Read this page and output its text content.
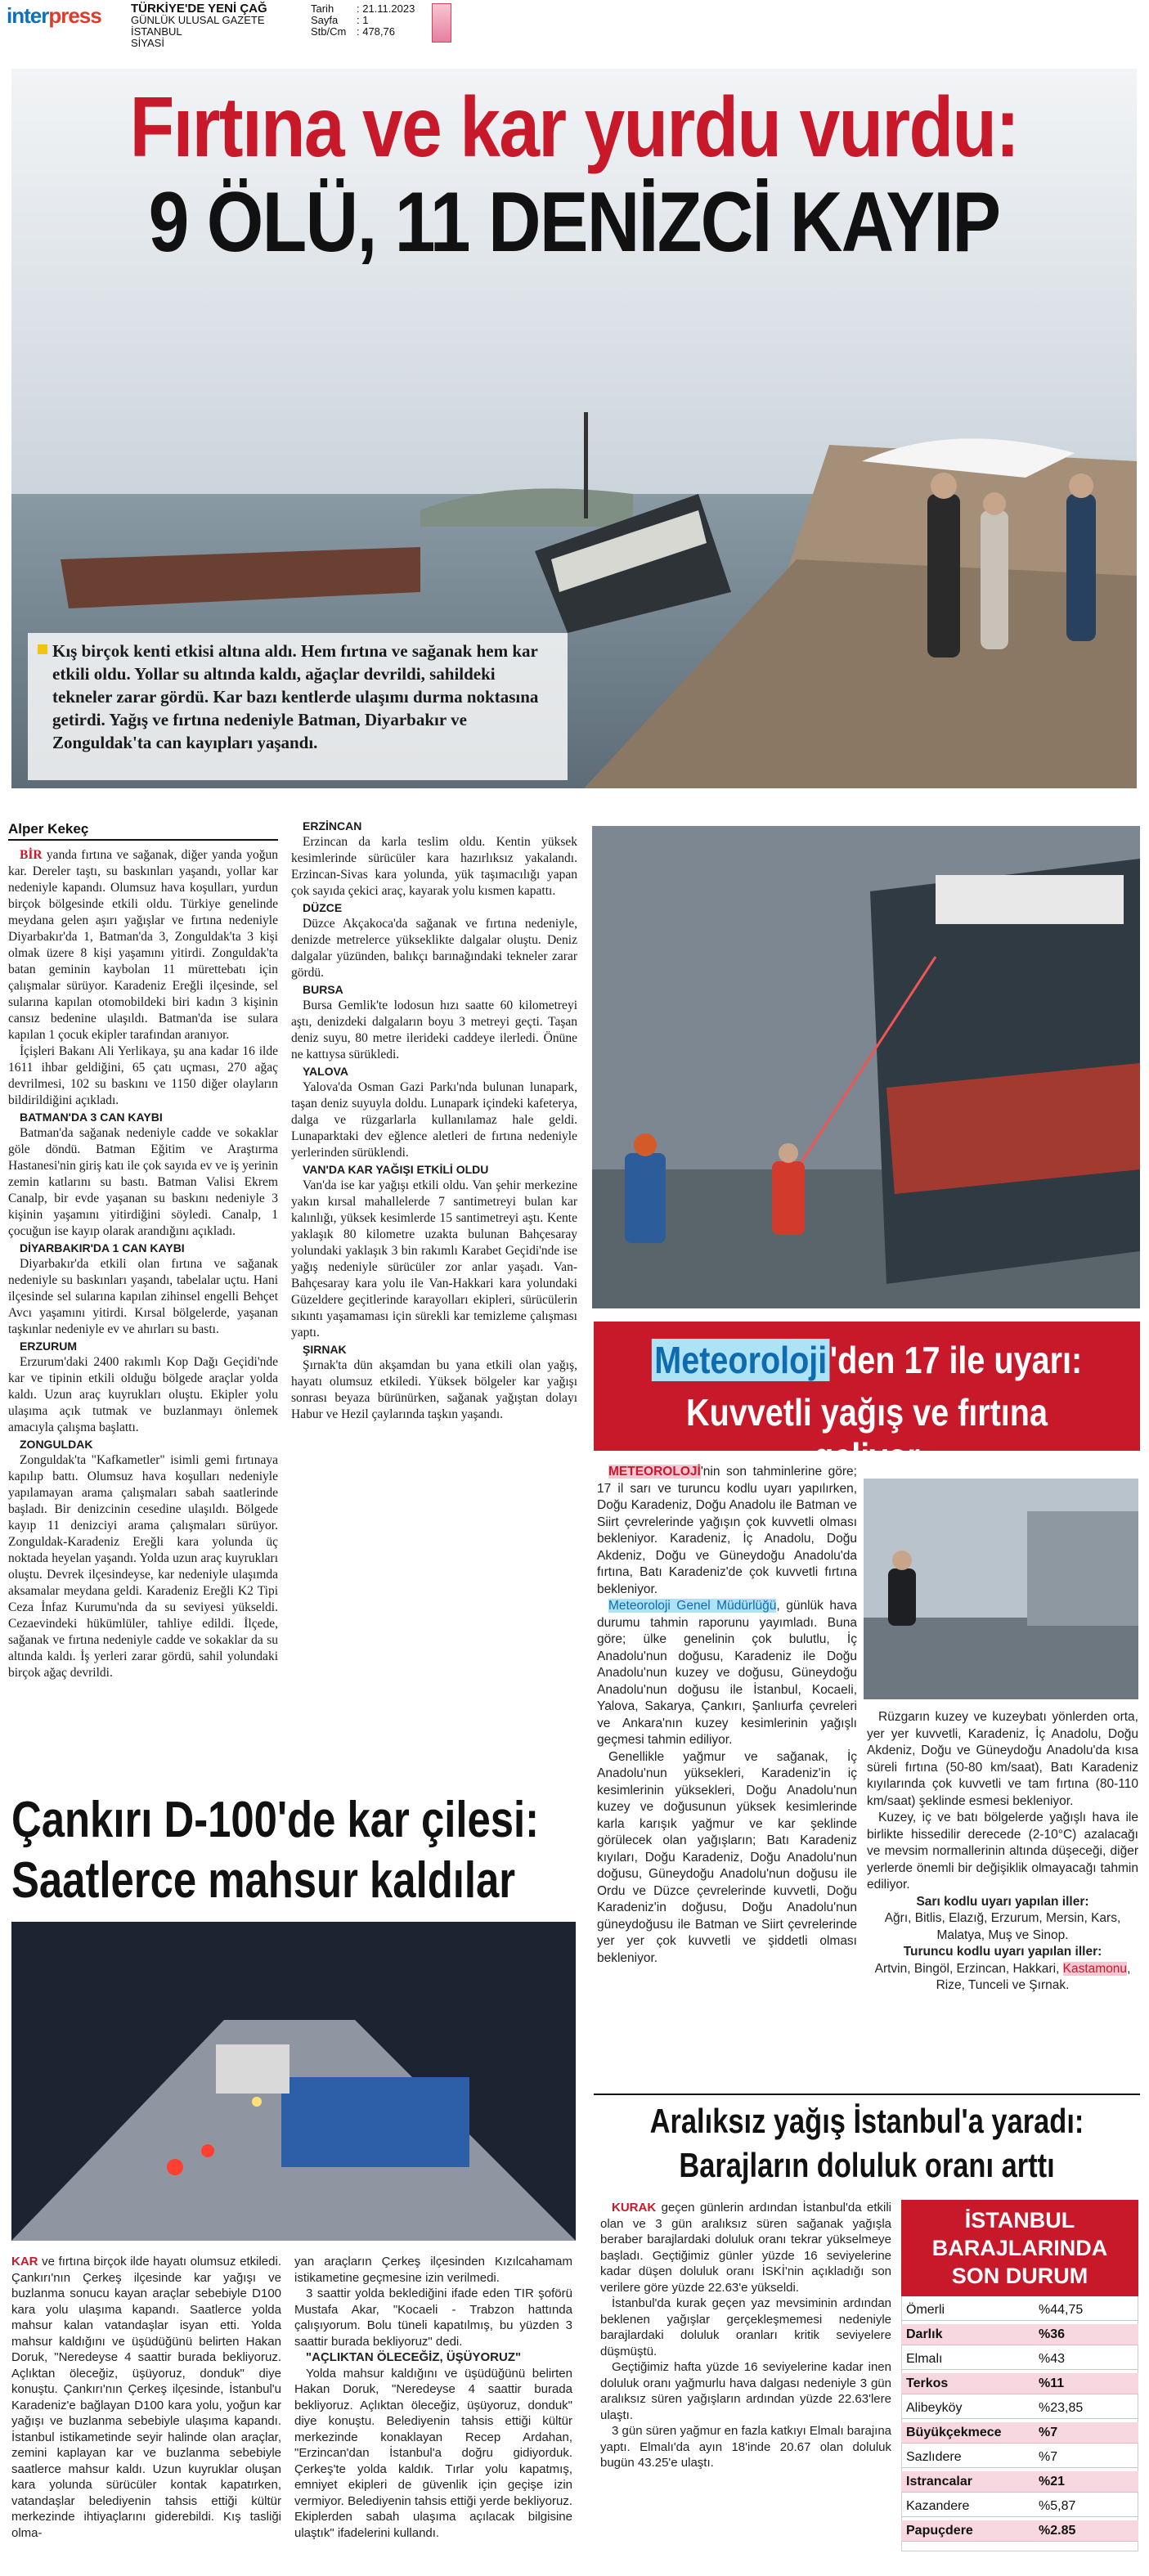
interpress TÜRKİYE'DE YENİ ÇAĞ
GÜNLÜK ULUSAL GAZETE
İSTANBUL
SİYASİ
Tarih : 21.11.2023
Sayfa : 1
Stb/Cm : 478,76
Fırtına ve kar yurdu vurdu:
9 ÖLÜ, 11 DENİZCİ KAYIP
Kış birçok kenti etkisi altına aldı. Hem fırtına ve sağanak hem kar etkili oldu. Yollar su altında kaldı, ağaçlar devrildi, sahildeki tekneler zarar gördü. Kar bazı kentlerde ulaşımı durma noktasına getirdi. Yağış ve fırtına nedeniyle Batman, Diyarbakır ve Zonguldak'ta can kayıpları yaşandı.
Alper Kekeç

BİR yanda fırtına ve sağanak, diğer yanda yoğun kar. Dereler taştı, su baskınları yaşandı, yollar kar nedeniyle kapandı. Olumsuz hava koşulları, yurdun birçok bölgesinde etkili oldu. Türkiye genelinde meydana gelen aşırı yağışlar ve fırtına nedeniyle Diyarbakır'da 1, Batman'da 3, Zonguldak'ta 3 kişi olmak üzere 8 kişi yaşamını yitirdi. Zonguldak'ta batan geminin kaybolan 11 mürettebatı için çalışmalar sürüyor. Karadeniz Ereğli ilçesinde, sel sularına kapılan otomobildeki biri kadın 3 kişinin cansız bedenine ulaşıldı. Batman'da ise sulara kapılan 1 çocuk ekipler tarafından aranıyor.

İçişleri Bakanı Ali Yerlikaya, şu ana kadar 16 ilde 1611 ihbar geldiğini, 65 çatı uçması, 270 ağaç devrilmesi, 102 su baskını ve 1150 diğer olayların bildirildiğini açıkladı.

BATMAN'DA 3 CAN KAYBI

Batman'da sağanak nedeniyle cadde ve sokaklar göle döndü. Batman Eğitim ve Araştırma Hastanesi'nin giriş katı ile çok sayıda ev ve iş yerinin zemin katlarını su bastı. Batman Valisi Ekrem Canalp, bir evde yaşanan su baskını nedeniyle 3 kişinin yaşamını yitirdiğini söyledi. Canalp, 1 çocuğun ise kayıp olarak arandığını açıkladı.

DİYARBAKIR'DA 1 CAN KAYBI

Diyarbakır'da etkili olan fırtına ve sağanak nedeniyle su baskınları yaşandı, tabelalar uçtu. Hani ilçesinde sel sularına kapılan zihinsel engelli Behçet Avcı yaşamını yitirdi. Kırsal bölgelerde, yaşanan taşkınlar nedeniyle ev ve ahırları su bastı.

ERZURUM

Erzurum'daki 2400 rakımlı Kop Dağı Geçidi'nde kar ve tipinin etkili olduğu bölgede araçlar yolda kaldı. Uzun araç kuyrukları oluştu. Ekipler yolu ulaşıma açık tutmak ve buzlanmayı önlemek amacıyla çalışma başlattı.

ZONGULDAK

Zonguldak'ta "Kafkametler" isimli gemi fırtınaya kapılıp battı. Olumsuz hava koşulları nedeniyle yapılamayan arama çalışmaları sabah saatlerinde başladı. Bir denizcinin cesedine ulaşıldı. Bölgede kayıp 11 denizciyi arama çalışmaları sürüyor. Zonguldak-Karadeniz Ereğli kara yolunda üç noktada heyelan yaşandı. Yolda uzun araç kuyrukları oluştu. Devrek ilçesindeyse, kar nedeniyle ulaşımda aksamalar meydana geldi. Karadeniz Ereğli K2 Tipi Ceza İnfaz Kurumu'nda da su seviyesi yükseldi. Cezaevindeki hükümlüler, tahliye edildi. İlçede, sağanak ve fırtına nedeniyle cadde ve sokaklar da su altında kaldı. İş yerleri zarar gördü, sahil yolundaki birçok ağaç devrildi.

ERZİNCAN

Erzincan da karla teslim oldu. Kentin yüksek kesimlerinde sürücüler kara hazırlıksız yakalandı. Erzincan-Sivas kara yolunda, yük taşımacılığı yapan çok sayıda çekici araç, kayarak yolu kısmen kapattı.

DÜZCE

Düzce Akçakoca'da sağanak ve fırtına nedeniyle, denizde metrelerce yükseklikte dalgalar oluştu. Deniz dalgalar yüzünden, balıkçı barınağındaki tekneler zarar gördü.

BURSA

Bursa Gemlik'te lodosun hızı saatte 60 kilometreyi aştı, denizdeki dalgaların boyu 3 metreyi geçti. Taşan deniz suyu, 80 metre ilerideki caddeye ilerledi. Önüne ne kattıysa sürükledi.

YALOVA

Yalova'da Osman Gazi Parkı'nda bulunan lunapark, taşan deniz suyuyla doldu. Lunapark içindeki kafeterya, dalga ve rüzgarlarla kullanılamaz hale geldi. Lunaparktaki dev eğlence aletleri de fırtına nedeniyle yerlerinden sürüklendi.

VAN'DA KAR YAĞIŞI ETKİLİ OLDU

Van'da ise kar yağışı etkili oldu. Van şehir merkezine yakın kırsal mahallelerde 7 santimetreyi bulan kar kalınlığı, yüksek kesimlerde 15 santimetreyi aştı. Kente yaklaşık 80 kilometre uzakta bulunan Bahçesaray yolundaki yaklaşık 3 bin rakımlı Karabet Geçidi'nde ise yağış nedeniyle sürücüler zor anlar yaşadı. Van-Bahçesaray kara yolu ile Van-Hakkari kara yolundaki Güzeldere geçitlerinde karayolları ekipleri, sürücülerin sıkıntı yaşamaması için sürekli kar temizleme çalışması yaptı.

ŞIRNAK

Şırnak'ta dün akşamdan bu yana etkili olan yağış, hayatı olumsuz etkiledi. Yüksek bölgeler kar yağışı sonrası beyaza bürünürken, sağanak yağıştan dolayı Habur ve Hezil çaylarında taşkın yaşandı.

Meteoroloji'den 17 ile uyarı:
Kuvvetli yağış ve fırtına geliyor

METEOROLOJİ'nin son tahminlerine göre; 17 il sarı ve turuncu kodlu uyarı yapılırken, Doğu Karadeniz, Doğu Anadolu ile Batman ve Siirt çevrelerinde yağışın çok kuvvetli olması bekleniyor. Karadeniz, İç Anadolu, Doğu Akdeniz, Doğu ve Güneydoğu Anadolu'da fırtına, Batı Karadeniz'de çok kuvvetli fırtına bekleniyor.

Meteoroloji Genel Müdürlüğü, günlük hava durumu tahmin raporunu yayımladı. Buna göre; ülke genelinin çok bulutlu, İç Anadolu'nun doğusu, Karadeniz ile Doğu Anadolu'nun kuzey ve doğusu, Güneydoğu Anadolu'nun doğusu ile İstanbul, Kocaeli, Yalova, Sakarya, Çankırı, Şanlıurfa çevreleri ve Ankara'nın kuzey kesimlerinin yağışlı geçmesi tahmin ediliyor.

Genellikle yağmur ve sağanak, İç Anadolu'nun yüksekleri, Karadeniz'in iç kesimlerinin yüksekleri, Doğu Anadolu'nun kuzey ve doğusunun yüksek kesimlerinde karla karışık yağmur ve kar şeklinde görülecek olan yağışların; Batı Karadeniz kıyıları, Doğu Karadeniz, Doğu Anadolu'nun doğusu, Güneydoğu Anadolu'nun doğusu ile Ordu ve Düzce çevrelerinde kuvvetli, Doğu Karadeniz'in doğusu, Doğu Anadolu'nun güneydoğusu ile Batman ve Siirt çevrelerinde yer yer çok kuvvetli ve şiddetli olması bekleniyor.

Rüzgarın kuzey ve kuzeybatı yönlerden orta, yer yer kuvvetli, Karadeniz, İç Anadolu, Doğu Akdeniz, Doğu ve Güneydoğu Anadolu'da kısa süreli fırtına (50-80 km/saat), Batı Karadeniz kıyılarında çok kuvvetli ve tam fırtına (80-110 km/saat) şeklinde esmesi bekleniyor.

Kuzey, iç ve batı bölgelerde yağışlı hava ile birlikte hissedilir derecede (2-10°C) azalacağı ve mevsim normallerinin altında düşeceği, diğer yerlerde önemli bir değişiklik olmayacağı tahmin ediliyor.

Sarı kodlu uyarı yapılan iller:

Ağrı, Bitlis, Elazığ, Erzurum, Mersin, Kars, Malatya, Muş ve Sinop.

Turuncu kodlu uyarı yapılan iller:

Artvin, Bingöl, Erzincan, Hakkari, Kastamonu, Rize, Tunceli ve Şırnak.

Çankırı D-100'de kar çilesi:
Saatlerce mahsur kaldılar

KAR ve fırtına birçok ilde hayatı olumsuz etkiledi. Çankırı'nın Çerkeş ilçesinde kar yağışı ve buzlanma sonucu kayan araçlar sebebiyle D100 kara yolu ulaşıma kapandı. Saatlerce yolda mahsur kalan vatandaşlar isyan etti. Yolda mahsur kaldığını ve üşüdüğünü belirten Hakan Doruk, "Neredeyse 4 saattir burada bekliyoruz. Açlıktan öleceğiz, üşüyoruz, donduk" diye konuştu. Çankırı'nın Çerkeş ilçesinde, İstanbul'u Karadeniz'e bağlayan D100 kara yolu, yoğun kar yağışı ve buzlanma sebebiyle ulaşıma kapandı. İstanbul istikametinde seyir halinde olan araçlar, zemini kaplayan kar ve buzlanma sebebiyle saatlerce mahsur kaldı. Uzun kuyruklar oluşan kara yolunda sürücüler kontak kapatırken, vatandaşlar belediyenin tahsis ettiği kültür merkezinde ihtiyaçlarını giderebildi. Kış tasliği olma-

yan araçların Çerkeş ilçesinden Kızılcahamam istikametine geçmesine izin verilmedi.

3 saattir yolda beklediğini ifade eden TIR şoförü Mustafa Akar, "Kocaeli - Trabzon hattında çalışıyorum. Bolu tüneli kapatılmış, bu yüzden 3 saattir burada bekliyoruz" dedi.

"AÇLIKTAN ÖLECEĞİZ, ÜŞÜYORUZ"

Yolda mahsur kaldığını ve üşüdüğünü belirten Hakan Doruk, "Neredeyse 4 saattir burada bekliyoruz. Açlıktan öleceğiz, üşüyoruz, donduk" diye konuştu. Belediyenin tahsis ettiği kültür merkezinde konaklayan Recep Ardahan, "Erzincan'dan İstanbul'a doğru gidiyorduk. Çerkeş'te yolda kaldık. Tırlar yolu kapatmış, emniyet ekipleri de güvenlik için geçişe izin vermiyor. Belediyenin tahsis ettiği yerde bekliyoruz. Ekiplerden sabah ulaşıma açılacak bilgisine ulaştık" ifadelerini kullandı.

Aralıksız yağış İstanbul'a yaradı:
Barajların doluluk oranı arttı

KURAK geçen günlerin ardından İstanbul'da etkili olan ve 3 gün aralıksız süren sağanak yağışla beraber barajlardaki doluluk oranı tekrar yükselmeye başladı. Geçtiğimiz günler yüzde 16 seviyelerine kadar düşen doluluk oranı İSKİ'nin açıkladığı son verilere göre yüzde 22.63'e yükseldi.

İstanbul'da kurak geçen yaz mevsiminin ardından beklenen yağışlar gerçekleşmemesi nedeniyle barajlardaki doluluk oranları kritik seviyelere düşmüştü.

Geçtiğimiz hafta yüzde 16 seviyelerine kadar inen doluluk oranı yağmurlu hava dalgası nedeniyle 3 gün aralıksız süren yağışların ardından yüzde 22.63'lere ulaştı.

3 gün süren yağmur en fazla katkıyı Elmalı barajına yaptı. Elmalı'da ayın 18'inde 20.67 olan doluluk bugün 43.25'e ulaştı.

İSTANBUL
BARAJLARINDA
SON DURUM
Ömerli	%44,75
Darlık	%36
Elmalı	%43
Terkos	%11
Alibeyköy	%23,85
Büyükçekmece	%7
Sazlıdere	%7
Istrancalar	%21
Kazandere	%5,87
Papuçdere	%2.85
